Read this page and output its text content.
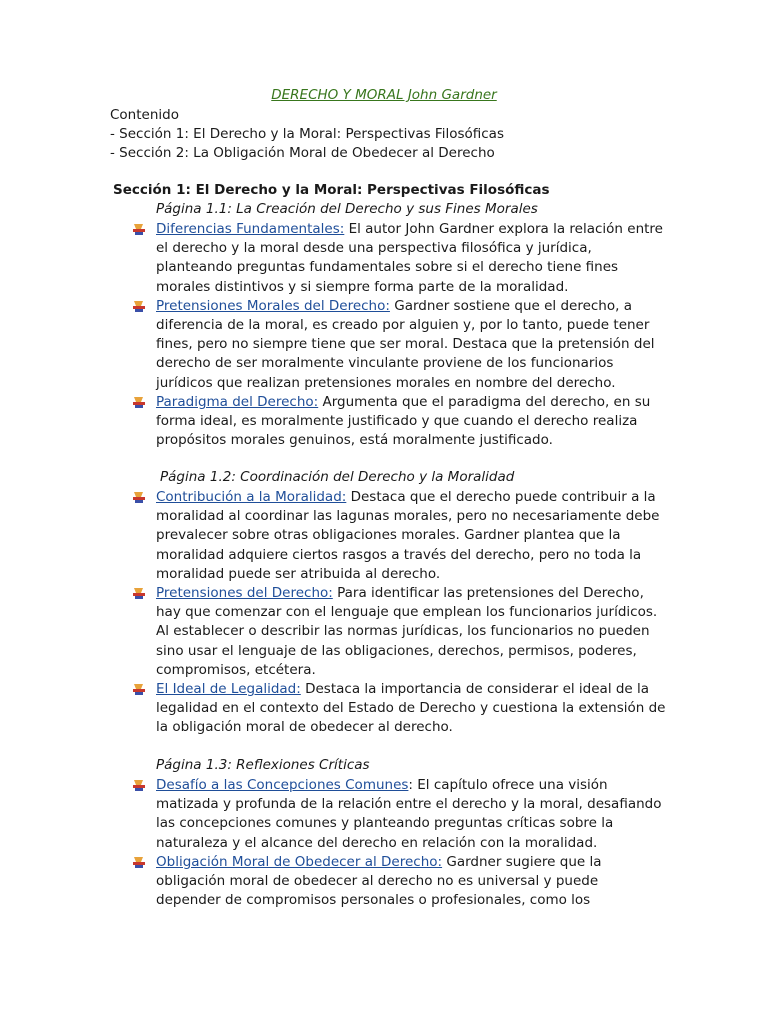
DERECHO Y MORAL John Gardner

Contenido
- Sección 1: El Derecho y la Moral: Perspectivas Filosóficas
- Sección 2: La Obligación Moral de Obedecer al Derecho

Sección 1: El Derecho y la Moral: Perspectivas Filosóficas

Página 1.1: La Creación del Derecho y sus Fines Morales

Diferencias Fundamentales: El autor John Gardner explora la relación entre el derecho y la moral desde una perspectiva filosófica y jurídica, planteando preguntas fundamentales sobre si el derecho tiene fines morales distintivos y si siempre forma parte de la moralidad.
Pretensiones Morales del Derecho: Gardner sostiene que el derecho, a diferencia de la moral, es creado por alguien y, por lo tanto, puede tener fines, pero no siempre tiene que ser moral. Destaca que la pretensión del derecho de ser moralmente vinculante proviene de los funcionarios jurídicos que realizan pretensiones morales en nombre del derecho.
Paradigma del Derecho: Argumenta que el paradigma del derecho, en su forma ideal, es moralmente justificado y que cuando el derecho realiza propósitos morales genuinos, está moralmente justificado.

Página 1.2: Coordinación del Derecho y la Moralidad

Contribución a la Moralidad: Destaca que el derecho puede contribuir a la moralidad al coordinar las lagunas morales, pero no necesariamente debe prevalecer sobre otras obligaciones morales. Gardner plantea que la moralidad adquiere ciertos rasgos a través del derecho, pero no toda la moralidad puede ser atribuida al derecho.
Pretensiones del Derecho: Para identificar las pretensiones del Derecho, hay que comenzar con el lenguaje que emplean los funcionarios jurídicos. Al establecer o describir las normas jurídicas, los funcionarios no pueden sino usar el lenguaje de las obligaciones, derechos, permisos, poderes, compromisos, etcétera.
El Ideal de Legalidad: Destaca la importancia de considerar el ideal de la legalidad en el contexto del Estado de Derecho y cuestiona la extensión de la obligación moral de obedecer al derecho.

Página 1.3: Reflexiones Críticas

Desafío a las Concepciones Comunes: El capítulo ofrece una visión matizada y profunda de la relación entre el derecho y la moral, desafiando las concepciones comunes y planteando preguntas críticas sobre la naturaleza y el alcance del derecho en relación con la moralidad.
Obligación Moral de Obedecer al Derecho: Gardner sugiere que la obligación moral de obedecer al derecho no es universal y puede depender de compromisos personales o profesionales, como los
